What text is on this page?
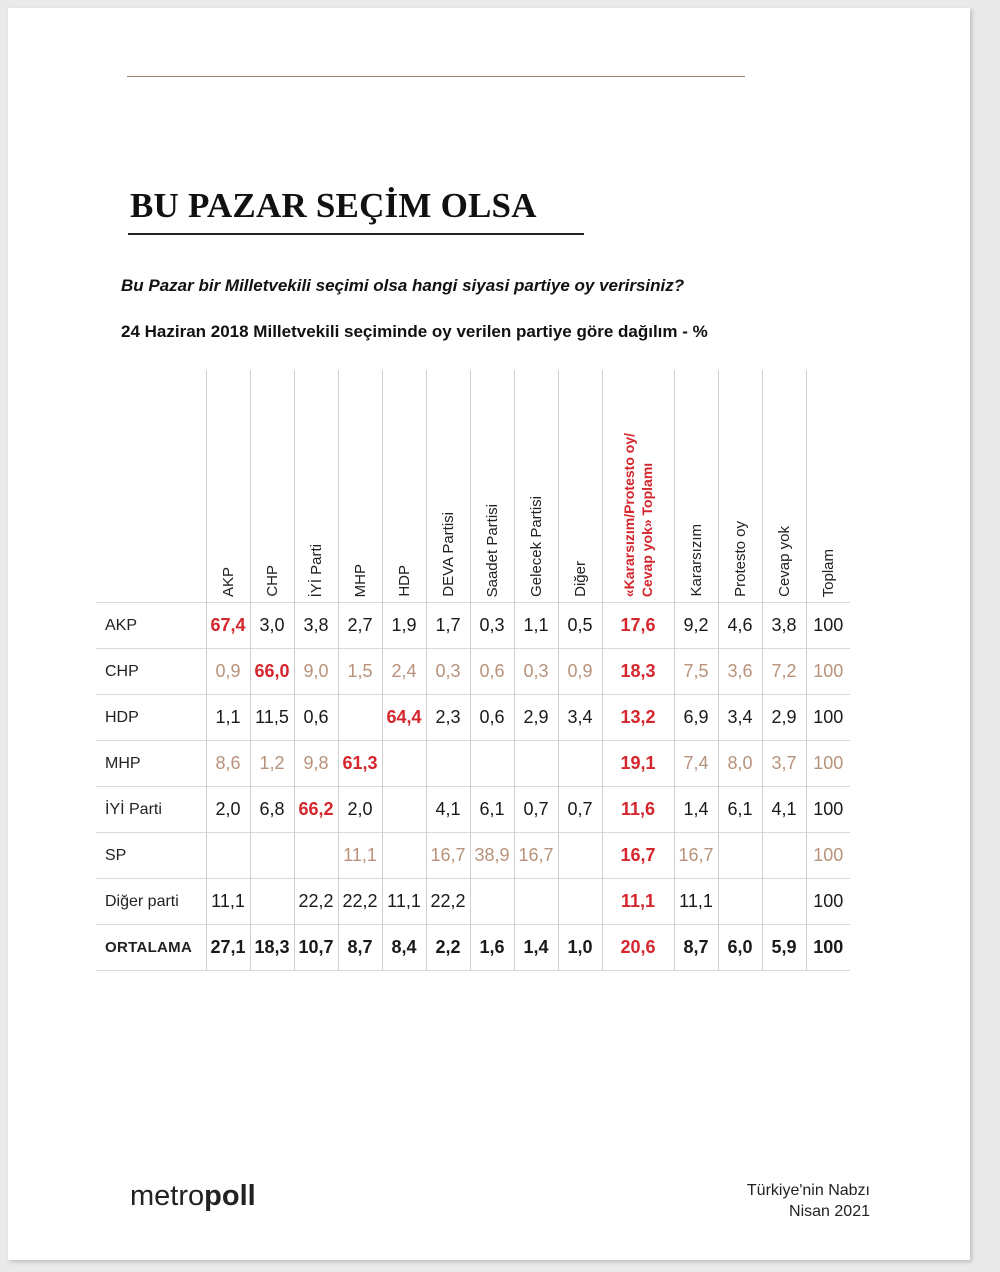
BU PAZAR SEÇİM OLSA
Bu Pazar bir Milletvekili seçimi olsa hangi siyasi partiye oy verirsiniz?
24 Haziran 2018 Milletvekili seçiminde oy verilen partiye göre dağılım - %
	AKP	CHP	İYİ Parti	MHP	HDP	DEVA Partisi	Saadet Partisi	Gelecek Partisi	Diğer	«Kararsızım/Protesto oy/
Cevap yok» Toplamı	Kararsızım	Protesto oy	Cevap yok	Toplam
AKP	67,4	3,0	3,8	2,7	1,9	1,7	0,3	1,1	0,5	17,6	9,2	4,6	3,8	100
CHP	0,9	66,0	9,0	1,5	2,4	0,3	0,6	0,3	0,9	18,3	7,5	3,6	7,2	100
HDP	1,1	11,5	0,6		64,4	2,3	0,6	2,9	3,4	13,2	6,9	3,4	2,9	100
MHP	8,6	1,2	9,8	61,3						19,1	7,4	8,0	3,7	100
İYİ Parti	2,0	6,8	66,2	2,0		4,1	6,1	0,7	0,7	11,6	1,4	6,1	4,1	100
SP				11,1		16,7	38,9	16,7		16,7	16,7			100
Diğer parti	11,1		22,2	22,2	11,1	22,2				11,1	11,1			100
ORTALAMA	27,1	18,3	10,7	8,7	8,4	2,2	1,6	1,4	1,0	20,6	8,7	6,0	5,9	100
metropoll	Türkiye'nin Nabzı
Nisan 2021
